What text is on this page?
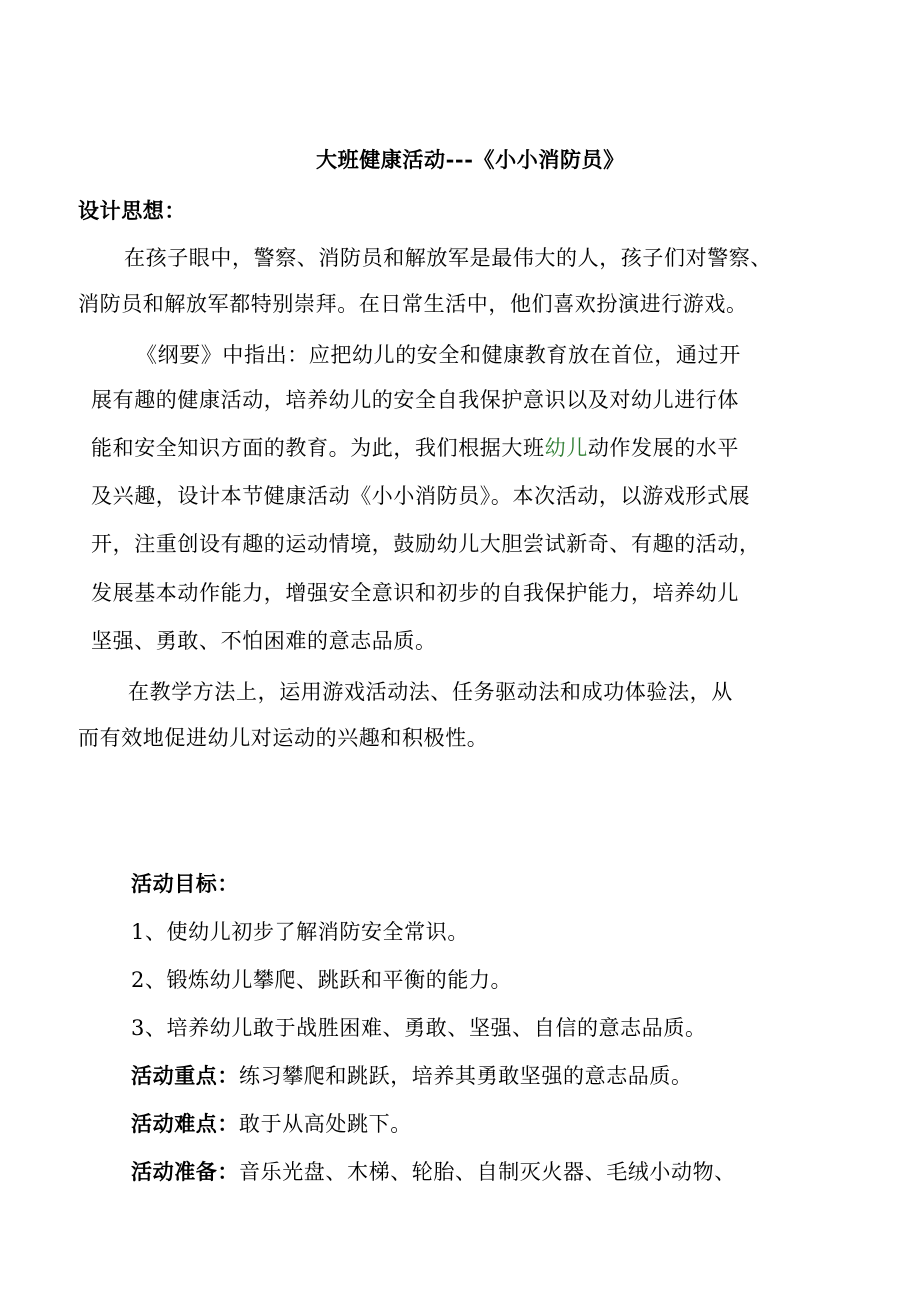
大班健康活动---《小小消防员》
设计思想：
在孩子眼中，警察、消防员和解放军是最伟大的人，孩子们对警察、
消防员和解放军都特别崇拜。在日常生活中，他们喜欢扮演进行游戏。
《纲要》中指出：应把幼儿的安全和健康教育放在首位，通过开
展有趣的健康活动，培养幼儿的安全自我保护意识以及对幼儿进行体
能和安全知识方面的教育。为此，我们根据大班幼儿动作发展的水平
及兴趣，设计本节健康活动《小小消防员》。本次活动，以游戏形式展
开，注重创设有趣的运动情境，鼓励幼儿大胆尝试新奇、有趣的活动，
发展基本动作能力，增强安全意识和初步的自我保护能力，培养幼儿
坚强、勇敢、不怕困难的意志品质。
在教学方法上，运用游戏活动法、任务驱动法和成功体验法，从
而有效地促进幼儿对运动的兴趣和积极性。
活动目标：
1、使幼儿初步了解消防安全常识。
2、锻炼幼儿攀爬、跳跃和平衡的能力。
3、培养幼儿敢于战胜困难、勇敢、坚强、自信的意志品质。
活动重点：练习攀爬和跳跃，培养其勇敢坚强的意志品质。
活动难点：敢于从高处跳下。
活动准备：音乐光盘、木梯、轮胎、自制灭火器、毛绒小动物、
